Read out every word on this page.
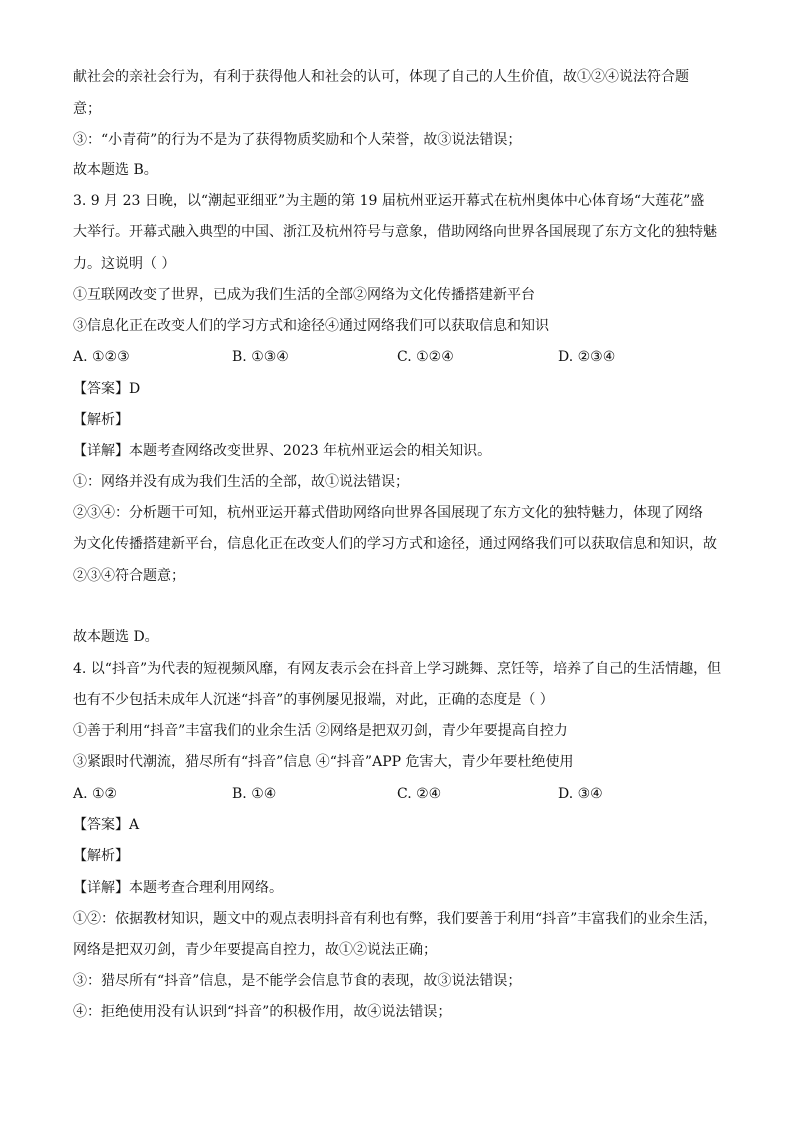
献社会的亲社会行为，有利于获得他人和社会的认可，体现了自己的人生价值，故①②④说法符合题
意；
③：“小青荷”的行为不是为了获得物质奖励和个人荣誉，故③说法错误；
故本题选 B。
3. 9 月 23 日晚，以“潮起亚细亚”为主题的第 19 届杭州亚运开幕式在杭州奥体中心体育场“大莲花”盛
大举行。开幕式融入典型的中国、浙江及杭州符号与意象，借助网络向世界各国展现了东方文化的独特魅
力。这说明（ ）
①互联网改变了世界，已成为我们生活的全部②网络为文化传播搭建新平台
③信息化正在改变人们的学习方式和途径④通过网络我们可以获取信息和知识
A. ①②③	B. ①③④	C. ①②④	D. ②③④
【答案】D
【解析】
【详解】本题考查网络改变世界、2023 年杭州亚运会的相关知识。
①：网络并没有成为我们生活的全部，故①说法错误；
②③④：分析题干可知，杭州亚运开幕式借助网络向世界各国展现了东方文化的独特魅力，体现了网络
为文化传播搭建新平台，信息化正在改变人们的学习方式和途径，通过网络我们可以获取信息和知识，故
②③④符合题意；
故本题选 D。
4. 以“抖音”为代表的短视频风靡，有网友表示会在抖音上学习跳舞、烹饪等，培养了自己的生活情趣，但
也有不少包括未成年人沉迷“抖音”的事例屡见报端，对此，正确的态度是（ ）
①善于利用“抖音”丰富我们的业余生活 ②网络是把双刃剑，青少年要提高自控力
③紧跟时代潮流，猎尽所有“抖音”信息 ④“抖音”APP 危害大，青少年要杜绝使用
A. ①②	B. ①④	C. ②④	D. ③④
【答案】A
【解析】
【详解】本题考查合理利用网络。
①②：依据教材知识，题文中的观点表明抖音有利也有弊，我们要善于利用“抖音”丰富我们的业余生活，
网络是把双刃剑，青少年要提高自控力，故①②说法正确；
③：猎尽所有“抖音”信息，是不能学会信息节食的表现，故③说法错误；
④：拒绝使用没有认识到“抖音”的积极作用，故④说法错误；
